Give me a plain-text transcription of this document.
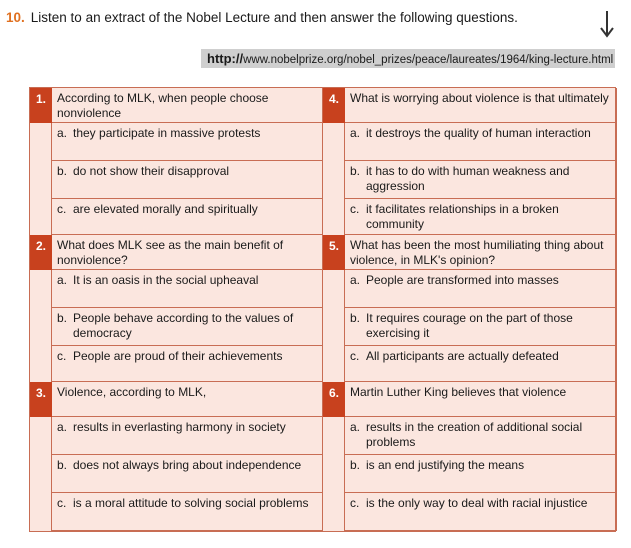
10. Listen to an extract of the Nobel Lecture and then answer the following questions.
http://www.nobelprize.org/nobel_prizes/peace/laureates/1964/king-lecture.html
1. According to MLK, when people choose nonviolence
a. they participate in massive protests
b. do not show their disapproval
c. are elevated morally and spiritually
2. What does MLK see as the main benefit of nonviolence?
a. It is an oasis in the social upheaval
b. People behave according to the values of democracy
c. People are proud of their achievements
3. Violence, according to MLK,
a. results in everlasting harmony in society
b. does not always bring about independence
c. is a moral attitude to solving social problems
4. What is worrying about violence is that ultimately
a. it destroys the quality of human interaction
b. it has to do with human weakness and aggression
c. it facilitates relationships in a broken community
5. What has been the most humiliating thing about violence, in MLK's opinion?
a. People are transformed into masses
b. It requires courage on the part of those exercising it
c. All participants are actually defeated
6. Martin Luther King believes that violence
a. results in the creation of additional social problems
b. is an end justifying the means
c. is the only way to deal with racial injustice
